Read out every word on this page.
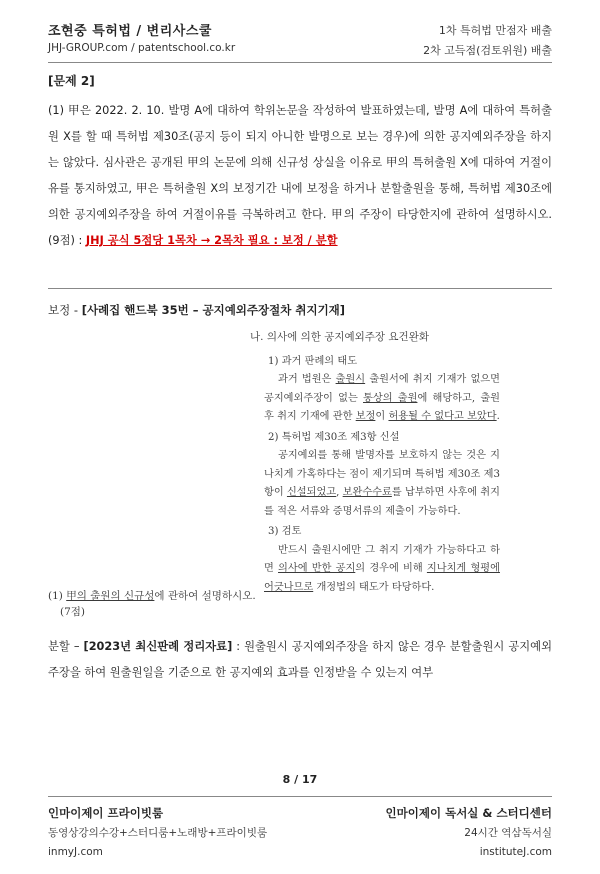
조현중 특허법 / 변리사스쿨
JHJ-GROUP.com / patentschool.co.kr
1차 특허법 만점자 배출
2차 고득점(검토위원) 배출
[문제 2]
(1) 甲은 2022. 2. 10. 발명 A에 대하여 학위논문을 작성하여 발표하였는데, 발명 A에 대하여 특허출원 X를 할 때 특허법 제30조(공지 등이 되지 아니한 발명으로 보는 경우)에 의한 공지예외주장을 하지는 않았다. 심사관은 공개된 甲의 논문에 의해 신규성 상실을 이유로 甲의 특허출원 X에 대하여 거절이유를 통지하였고, 甲은 특허출원 X의 보정기간 내에 보정을 하거나 분할출원을 통해, 특허법 제30조에 의한 공지예외주장을 하여 거절이유를 극복하려고 한다. 甲의 주장이 타당한지에 관하여 설명하시오. (9점) : JHJ 공식 5점당 1목차 → 2목차 필요 : 보정 / 분할
보정 - [사례집 핸드북 35번 – 공지예외주장절차 취지기재]
나. 의사에 의한 공지예외주장 요건완화
1) 과거 판례의 태도
과거 법원은 출원시 출원서에 취지 기재가 없으면 공지예외주장이 없는 통상의 출원에 해당하고, 출원 후 취지 기재에 관한 보정이 허용될 수 없다고 보았다.
2) 특허법 제30조 제3항 신설
공지예외를 통해 발명자를 보호하지 않는 것은 지나치게 가혹하다는 점이 제기되며 특허법 제30조 제3항이 신설되었고, 보완수수료를 납부하면 사후에 취지를 적은 서류와 증명서류의 제출이 가능하다.
3) 검토
반드시 출원시에만 그 취지 기재가 가능하다고 하면 의사에 반한 공지의 경우에 비해 지나치게 형평에 어긋나므로 개정법의 태도가 타당하다.
(1) 甲의 출원의 신규성에 관하여 설명하시오.
(7점)
분할 – [2023년 최신판례 정리자료] : 원출원시 공지예외주장을 하지 않은 경우 분할출원시 공지예외주장을 하여 원출원일을 기준으로 한 공지예외 효과를 인정받을 수 있는지 여부
8 / 17
인마이제이 프라이빗룸
동영상강의수강+스터디룸+노래방+프라이빗룸
inmyJ.com
인마이제이 독서실 & 스터디센터
24시간 역삼독서실
instituteJ.com
